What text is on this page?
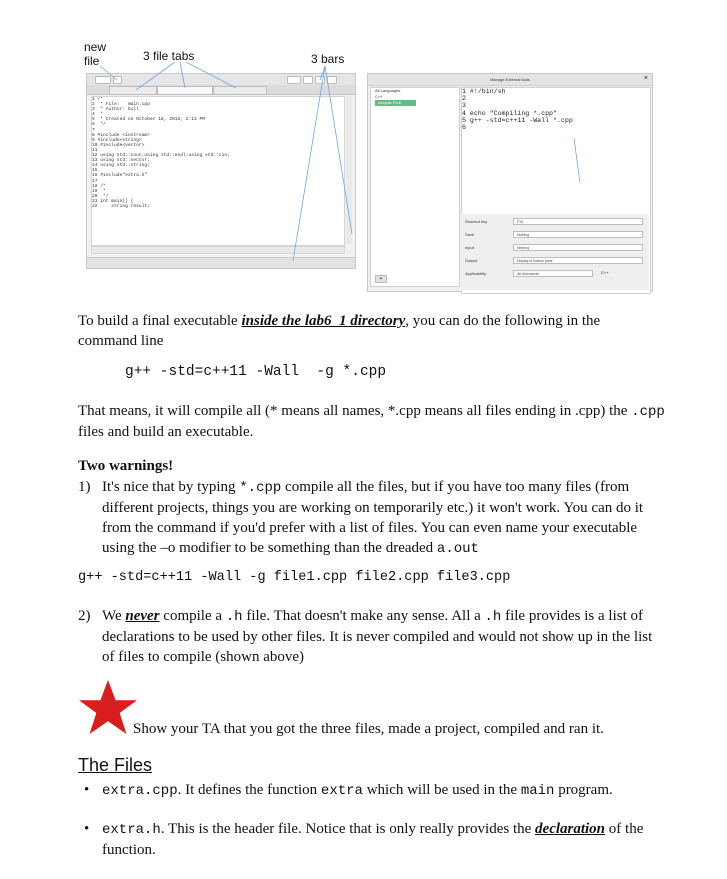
new
file	3 file tabs	3 bars
1 /*
2  * File:   main.cpp
3  * Author: bill
4  *
5  * Created on October 18, 2013, 2:13 PM
6  */
7
8 #include <iostream>
9 #include<string>
10 #include<vector>
11
12 using std::cout;using std::endl;using std::cin;
13 using std::vector;
14 using std::string;
15
16 #include"extra.h"
17
18 /*
19  *
20  */
21 int main() {
22     string result;
Manage External tools	×
All Languages
C++
compile FILE
+
1 #!/bin/sh
2
3
4 echo "Compiling *.cpp"
5 g++ -std=c++11 -Wall *.cpp
6
Shortcut key	F10
Save	Nothing
Input	Nothing
Output	Display in bottom pane
Applicability	All documents	C++
To build a final executable inside the lab6_1 directory, you can do the following in the command line
g++ -std=c++11 -Wall  -g *.cpp
That means, it will compile all (* means all names, *.cpp means all files ending in .cpp) the .cpp files and build an executable.
Two warnings!
1) It's nice that by typing *.cpp compile all the files, but if you have too many files (from different projects, things you are working on temporarily etc.) it won't work. You can do it from the command if you'd prefer with a list of files. You can even name your executable using the –o modifier to be something than the dreaded a.out
g++ -std=c++11 -Wall -g file1.cpp file2.cpp file3.cpp
2) We never compile a .h file. That doesn't make any sense. All a .h file provides is a list of declarations to be used by other files. It is never compiled and would not show up in the list of files to compile (shown above)
Show your TA that you got the three files, made a project, compiled and ran it.
The Files
• extra.cpp. It defines the function extra which will be used in the main program.
• extra.h. This is the header file. Notice that is only really provides the declaration of the function.
